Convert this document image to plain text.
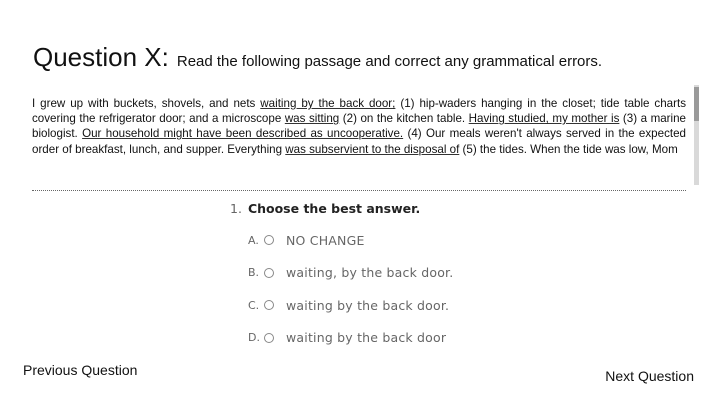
Question X: Read the following passage and correct any grammatical errors.

I grew up with buckets, shovels, and nets waiting by the back door; (1) hip-waders hanging in the closet; tide table charts covering the refrigerator door; and a microscope was sitting (2) on the kitchen table. Having studied, my mother is (3) a marine biologist. Our household might have been described as uncooperative. (4) Our meals weren't always served in the expected order of breakfast, lunch, and supper. Everything was subservient to the disposal of (5) the tides. When the tide was low, Mom

1. Choose the best answer.
A. NO CHANGE
B. waiting, by the back door.
C. waiting by the back door.
D. waiting by the back door
Previous Question	Next Question
